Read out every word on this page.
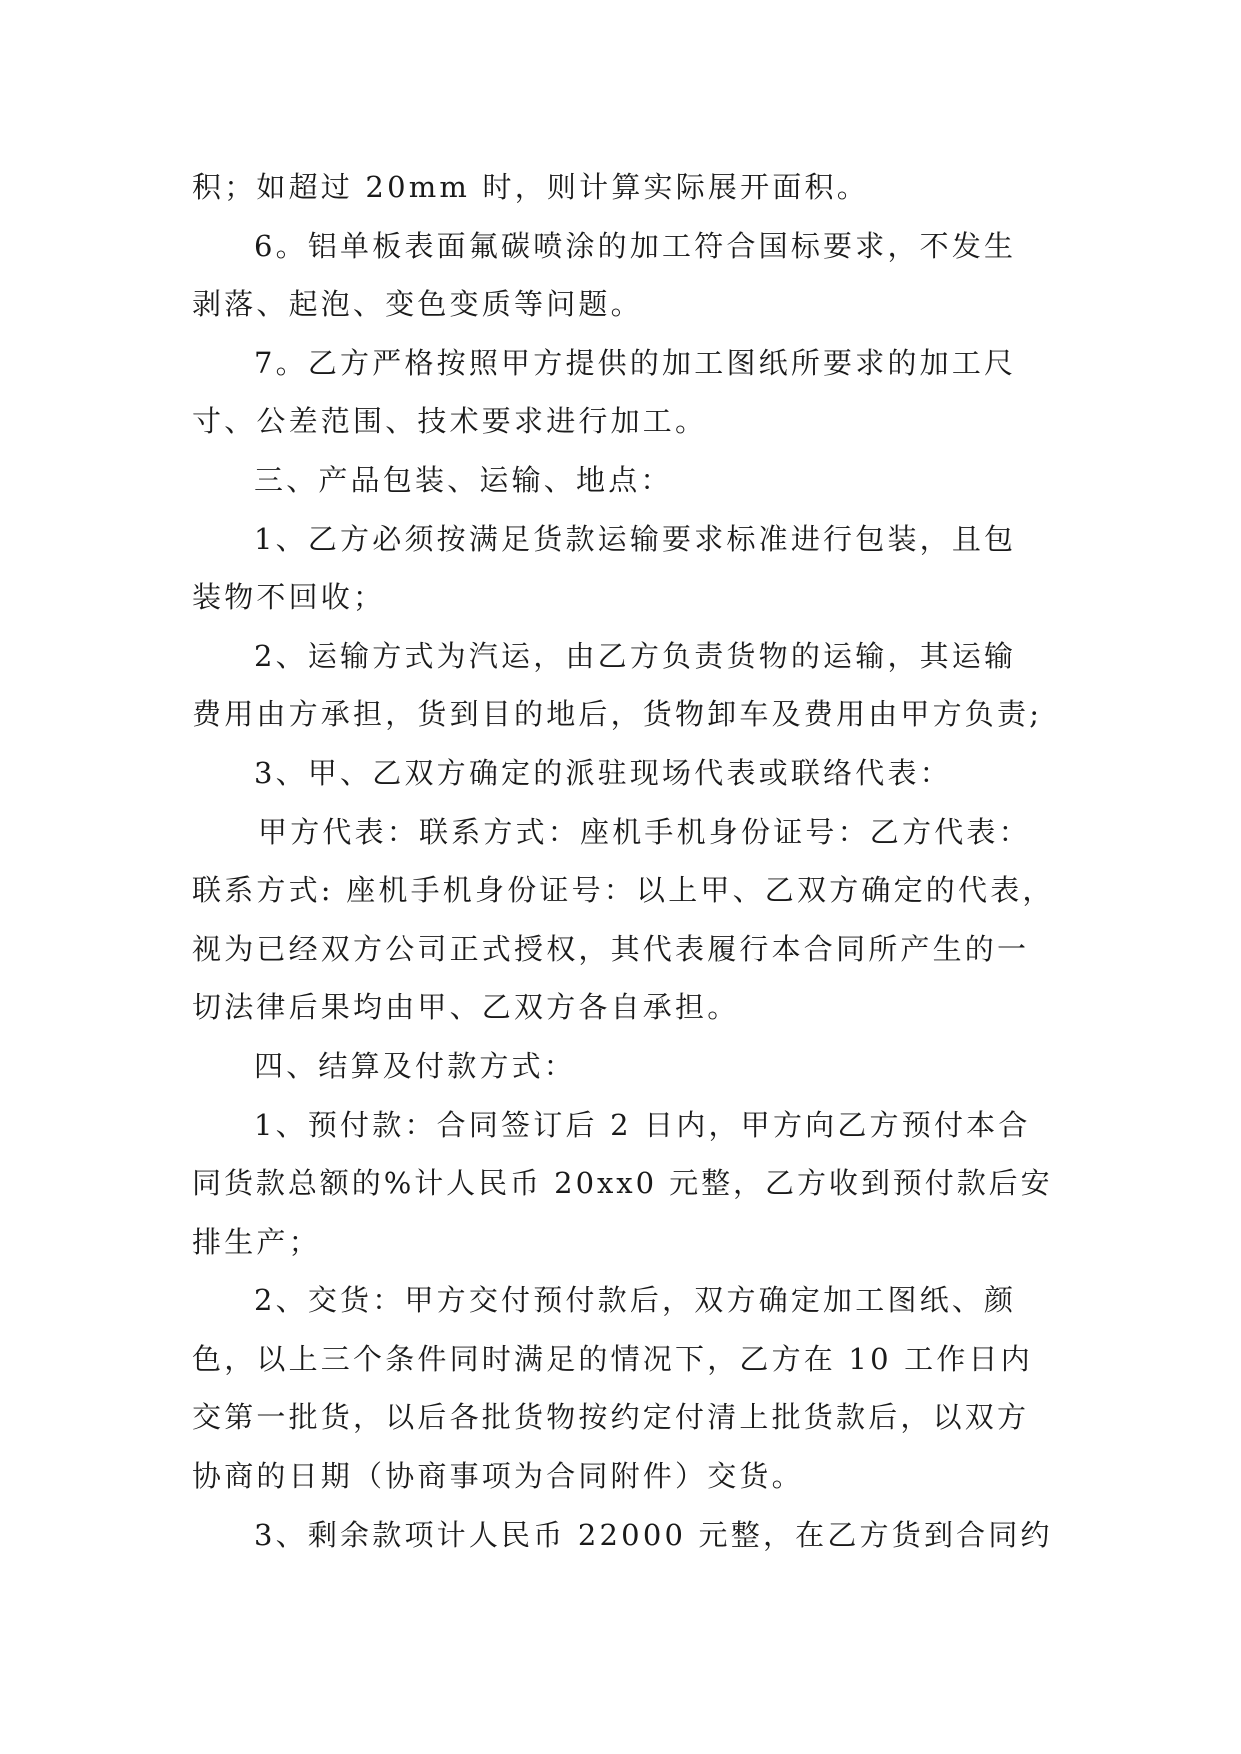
积；如超过 20mm 时，则计算实际展开面积。
6。铝单板表面氟碳喷涂的加工符合国标要求，不发生
剥落、起泡、变色变质等问题。
7。乙方严格按照甲方提供的加工图纸所要求的加工尺
寸、公差范围、技术要求进行加工。
三、产品包装、运输、地点：
1、乙方必须按满足货款运输要求标准进行包装，且包
装物不回收；
2、运输方式为汽运，由乙方负责货物的运输，其运输
费用由方承担，货到目的地后，货物卸车及费用由甲方负责;
3、甲、乙双方确定的派驻现场代表或联络代表：
甲方代表：联系方式：座机手机身份证号：乙方代表：
联系方式: 座机手机身份证号：以上甲、乙双方确定的代表，
视为已经双方公司正式授权，其代表履行本合同所产生的一
切法律后果均由甲、乙双方各自承担。
四、结算及付款方式：
1、预付款：合同签订后 2 日内，甲方向乙方预付本合
同货款总额的%计人民币 20xx0 元整，乙方收到预付款后安
排生产；
2、交货：甲方交付预付款后，双方确定加工图纸、颜
色，以上三个条件同时满足的情况下，乙方在 10 工作日内
交第一批货，以后各批货物按约定付清上批货款后，以双方
协商的日期（协商事项为合同附件）交货。
3、剩余款项计人民币 22000 元整，在乙方货到合同约
